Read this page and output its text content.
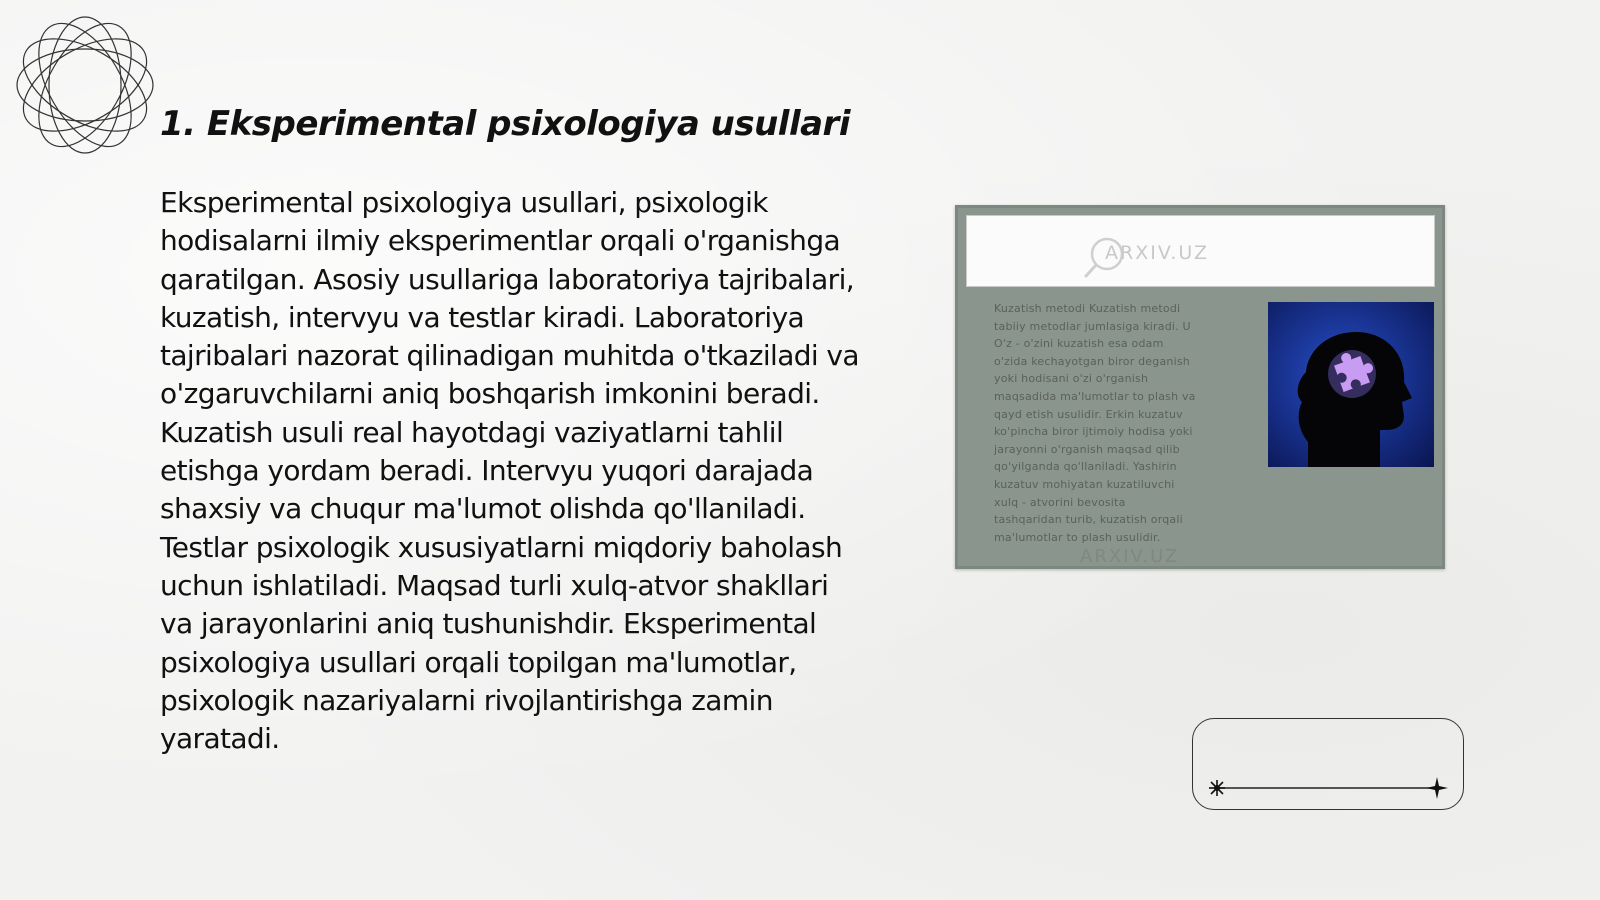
1. Eksperimental psixologiya usullari

Eksperimental psixologiya usullari, psixologik hodisalarni ilmiy eksperimentlar orqali o'rganishga qaratilgan. Asosiy usullariga laboratoriya tajribalari, kuzatish, intervyu va testlar kiradi. Laboratoriya tajribalari nazorat qilinadigan muhitda o'tkaziladi va o'zgaruvchilarni aniq boshqarish imkonini beradi. Kuzatish usuli real hayotdagi vaziyatlarni tahlil etishga yordam beradi. Intervyu yuqori darajada shaxsiy va chuqur ma'lumot olishda qo'llaniladi. Testlar psixologik xususiyatlarni miqdoriy baholash uchun ishlatiladi. Maqsad turli xulq-atvor shakllari va jarayonlarini aniq tushunishdir. Eksperimental psixologiya usullari orqali topilgan ma'lumotlar, psixologik nazariyalarni rivojlantirishga zamin yaratadi.

ARXIV.UZ
Kuzatish metodi Kuzatish metodi
tabiiy metodlar jumlasiga kiradi. U
O'z - o'zini kuzatish esa odam
o'zida kechayotgan biror deganish
yoki hodisani o'zi o'rganish
maqsadida ma'lumotlar to plash va
qayd etish usulidir. Erkin kuzatuv
ko'pincha biror ijtimoiy hodisa yoki
jarayonni o'rganish maqsad qilib
qo'yilganda qo'llaniladi. Yashirin
kuzatuv mohiyatan kuzatiluvchi
xulq - atvorini bevosita
tashqaridan turib, kuzatish orqali
ma'lumotlar to plash usulidir.
ARXIV.UZ
